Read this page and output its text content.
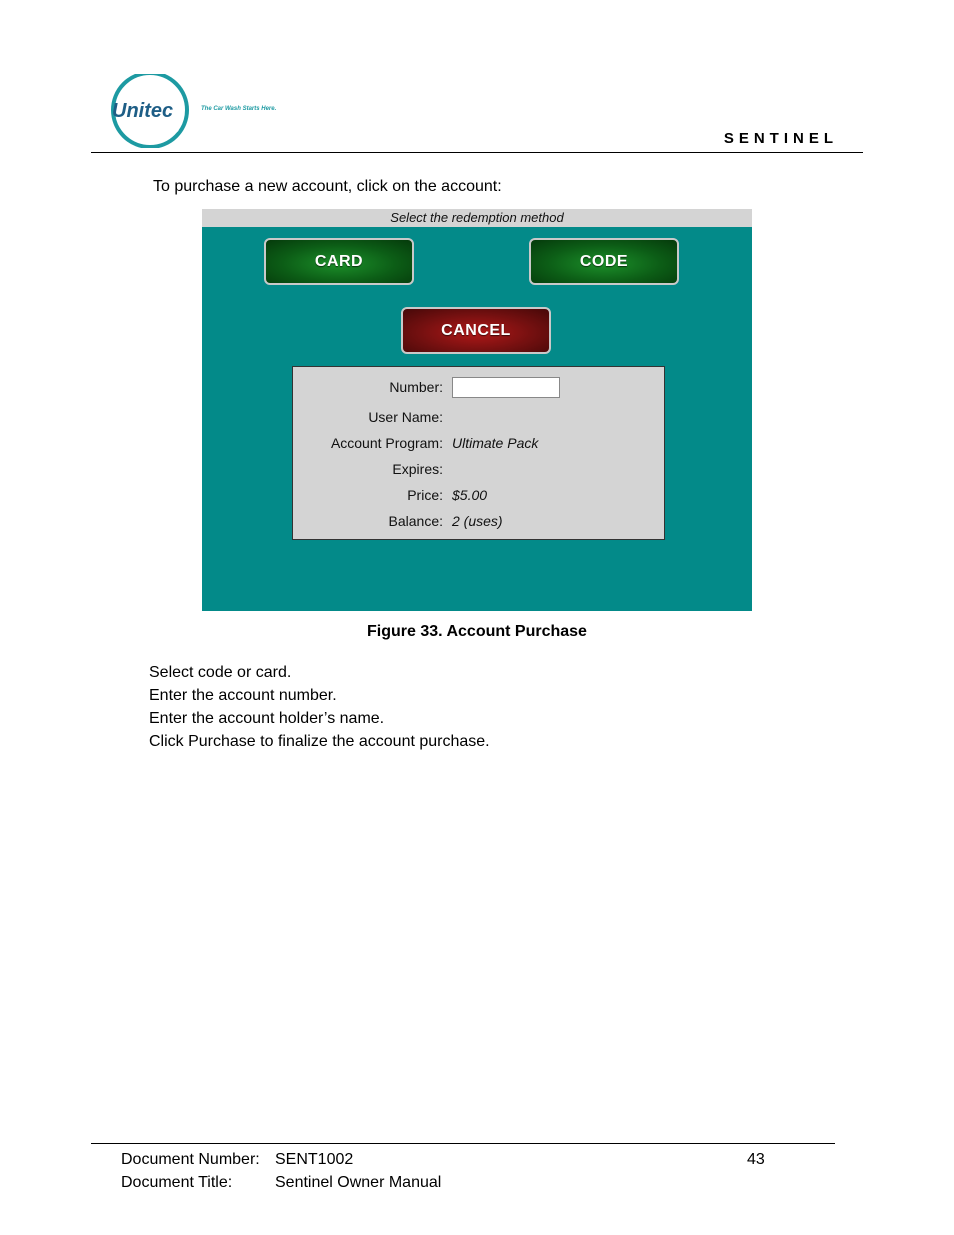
Unitec	The Car Wash Starts Here.
SENTINEL
To purchase a new account, click on the account:
Select the redemption method
CARD	CODE
CANCEL
Number:
User Name:
Account Program: Ultimate Pack
Expires:
Price: $5.00
Balance: 2 (uses)
Figure 33. Account Purchase
Select code or card.
Enter the account number.
Enter the account holder’s name.
Click Purchase to finalize the account purchase.
Document Number: SENT1002	43
Document Title:	Sentinel Owner Manual
